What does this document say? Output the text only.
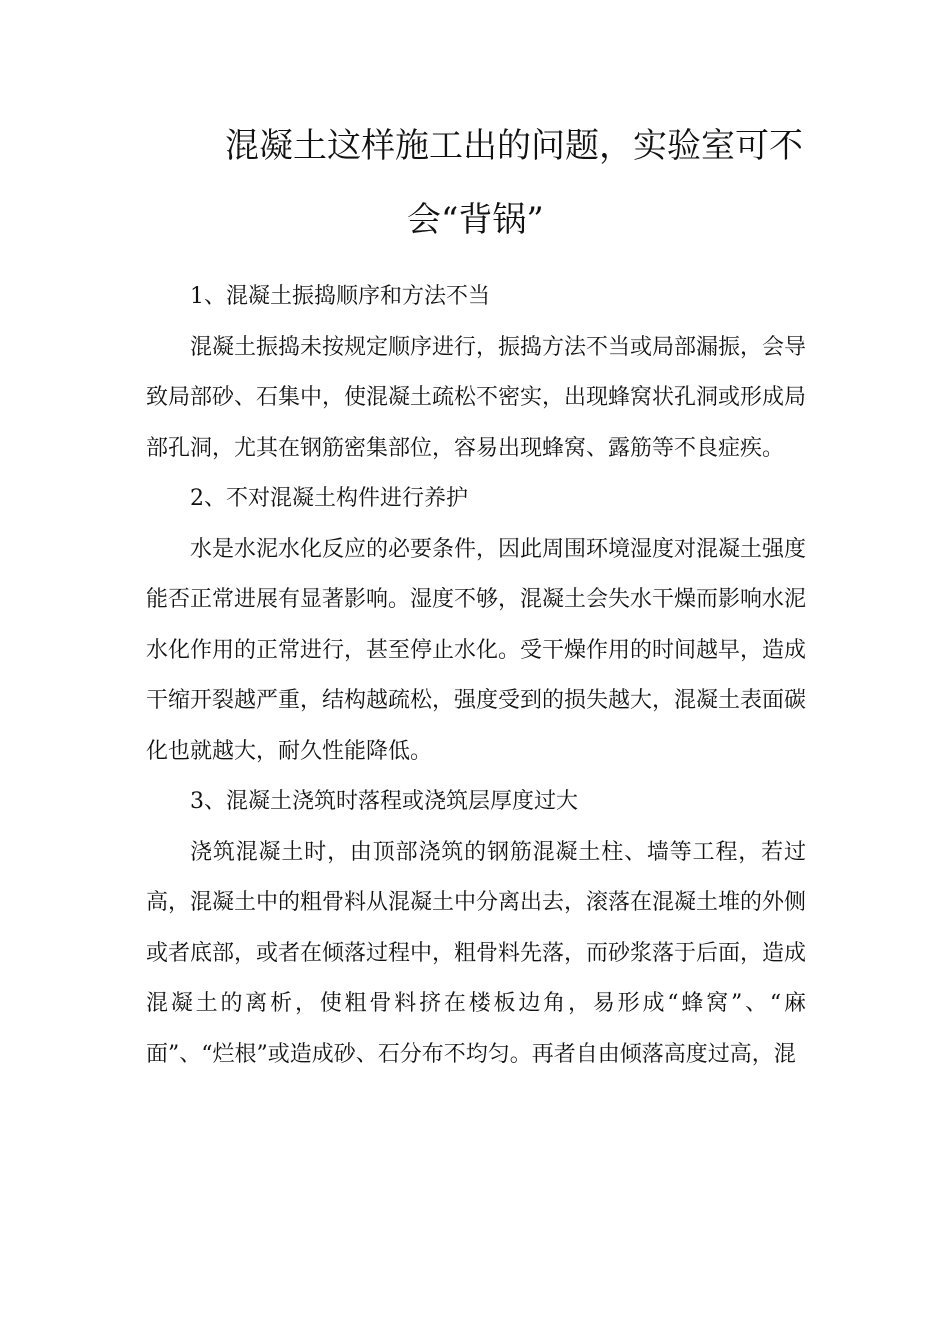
混凝土这样施工出的问题，实验室可不
会“背锅”

1、混凝土振捣顺序和方法不当

混凝土振捣未按规定顺序进行，振捣方法不当或局部漏振，会导致局部砂、石集中，使混凝土疏松不密实，出现蜂窝状孔洞或形成局部孔洞，尤其在钢筋密集部位，容易出现蜂窝、露筋等不良症疾。

2、不对混凝土构件进行养护

水是水泥水化反应的必要条件，因此周围环境湿度对混凝土强度能否正常进展有显著影响。湿度不够，混凝土会失水干燥而影响水泥水化作用的正常进行，甚至停止水化。受干燥作用的时间越早，造成干缩开裂越严重，结构越疏松，强度受到的损失越大，混凝土表面碳化也就越大，耐久性能降低。

3、混凝土浇筑时落程或浇筑层厚度过大

浇筑混凝土时，由顶部浇筑的钢筋混凝土柱、墙等工程，若过高，混凝土中的粗骨料从混凝土中分离出去，滚落在混凝土堆的外侧或者底部，或者在倾落过程中，粗骨料先落，而砂浆落于后面，造成混凝土的离析，使粗骨料挤在楼板边角，易形成“蜂窝”、“麻面”、“烂根”或造成砂、石分布不均匀。再者自由倾落高度过高，混
